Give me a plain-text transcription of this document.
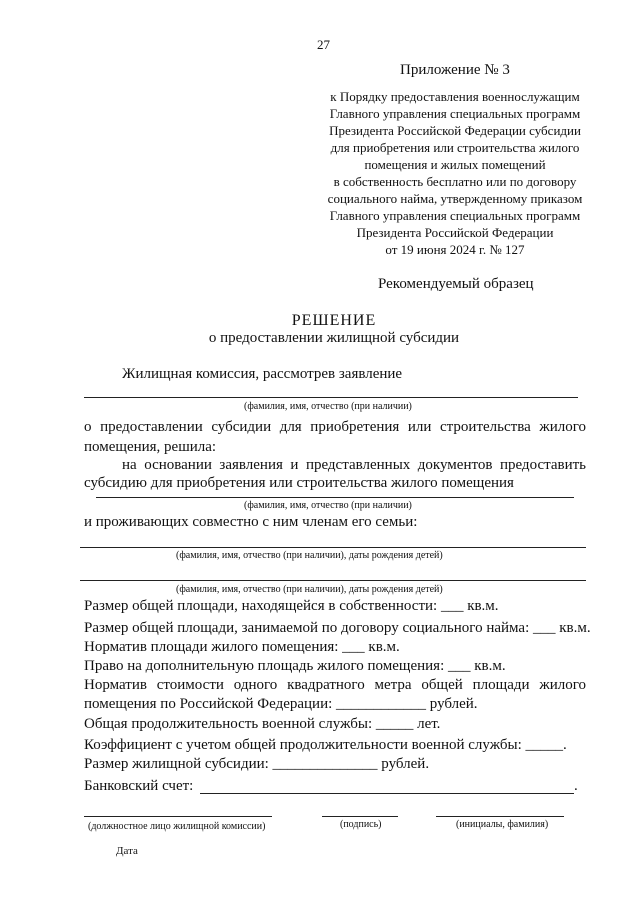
27
Приложение № 3
к Порядку предоставления военнослужащим
Главного управления специальных программ
Президента Российской Федерации субсидии
для приобретения или строительства жилого
помещения и жилых помещений
в собственность бесплатно или по договору
социального найма, утвержденному приказом
Главного управления специальных программ
Президента Российской Федерации
от 19 июня 2024 г. № 127
Рекомендуемый образец
РЕШЕНИЕ
о предоставлении жилищной субсидии
Жилищная комиссия, рассмотрев заявление
(фамилия, имя, отчество (при наличии)
о предоставлении субсидии для приобретения или строительства жилого
помещения, решила:
на основании заявления и представленных документов предоставить
субсидию для приобретения или строительства жилого помещения
(фамилия, имя, отчество (при наличии)
и проживающих совместно с ним членам его семьи:
(фамилия, имя, отчество (при наличии), даты рождения детей)
(фамилия, имя, отчество (при наличии), даты рождения детей)
Размер общей площади, находящейся в собственности: ___ кв.м.
Размер общей площади, занимаемой по договору социального найма: ___ кв.м.
Норматив площади жилого помещения: ___ кв.м.
Право на дополнительную площадь жилого помещения: ___ кв.м.
Норматив стоимости одного квадратного метра общей площади жилого
помещения по Российской Федерации: ____________ рублей.
Общая продолжительность военной службы: _____ лет.
Коэффициент с учетом общей продолжительности военной службы: _____.
Размер жилищной субсидии: ______________ рублей.
Банковский счет:	.
(должностное лицо жилищной комиссии)	(подпись)	(инициалы, фамилия)
Дата
